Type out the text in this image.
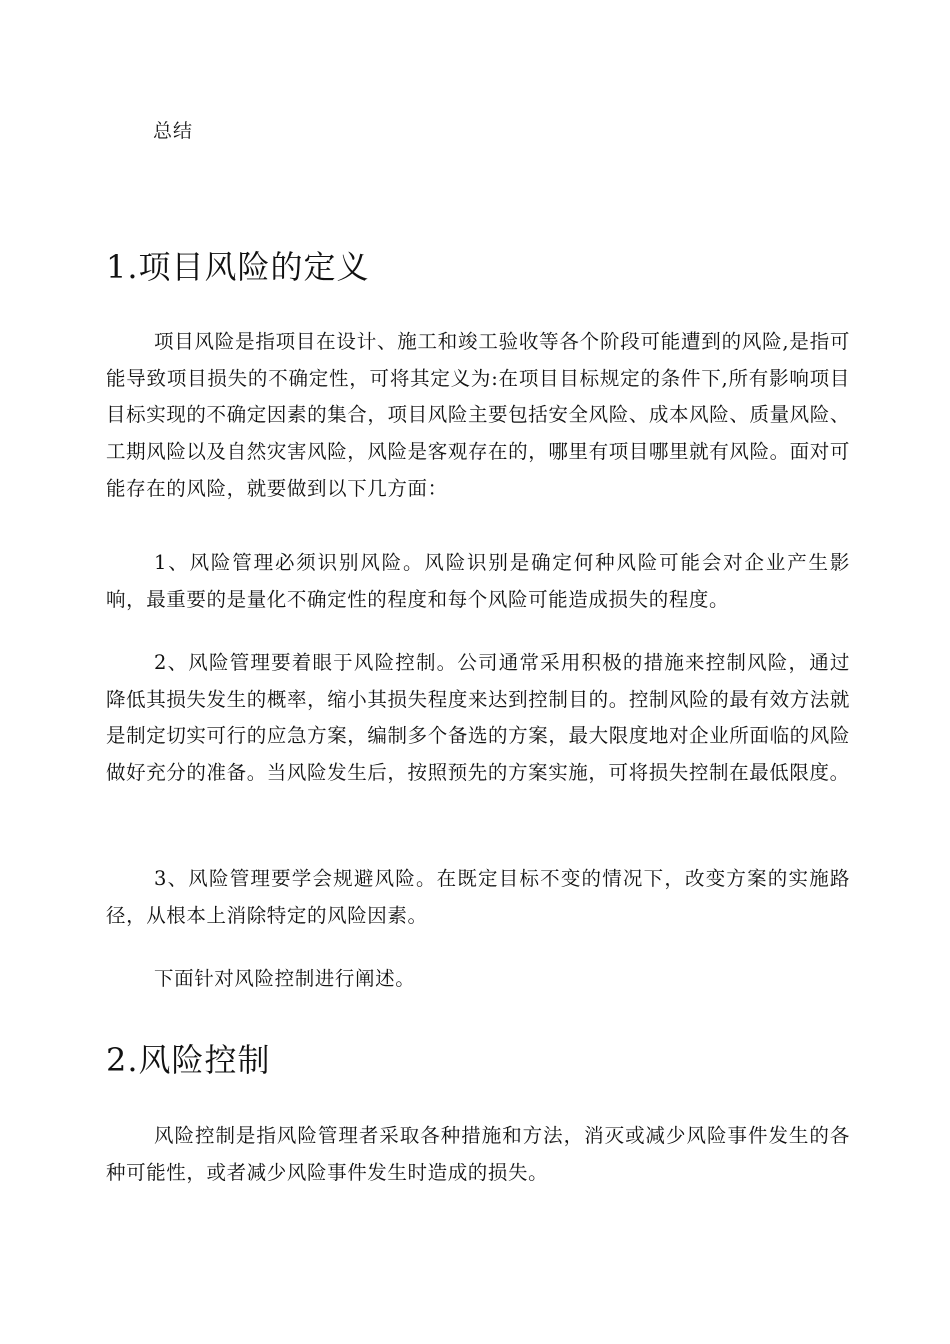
总结
1.项目风险的定义

项目风险是指项目在设计、施工和竣工验收等各个阶段可能遭到的风险,是指可能导致项目损失的不确定性，可将其定义为:在项目目标规定的条件下,所有影响项目目标实现的不确定因素的集合，项目风险主要包括安全风险、成本风险、质量风险、工期风险以及自然灾害风险，风险是客观存在的，哪里有项目哪里就有风险。面对可能存在的风险，就要做到以下几方面：

1、风险管理必须识别风险。风险识别是确定何种风险可能会对企业产生影响，最重要的是量化不确定性的程度和每个风险可能造成损失的程度。

2、风险管理要着眼于风险控制。公司通常采用积极的措施来控制风险，通过降低其损失发生的概率，缩小其损失程度来达到控制目的。控制风险的最有效方法就是制定切实可行的应急方案，编制多个备选的方案，最大限度地对企业所面临的风险做好充分的准备。当风险发生后，按照预先的方案实施，可将损失控制在最低限度。

3、风险管理要学会规避风险。在既定目标不变的情况下，改变方案的实施路径，从根本上消除特定的风险因素。

下面针对风险控制进行阐述。

2.风险控制

风险控制是指风险管理者采取各种措施和方法，消灭或减少风险事件发生的各种可能性，或者减少风险事件发生时造成的损失。
